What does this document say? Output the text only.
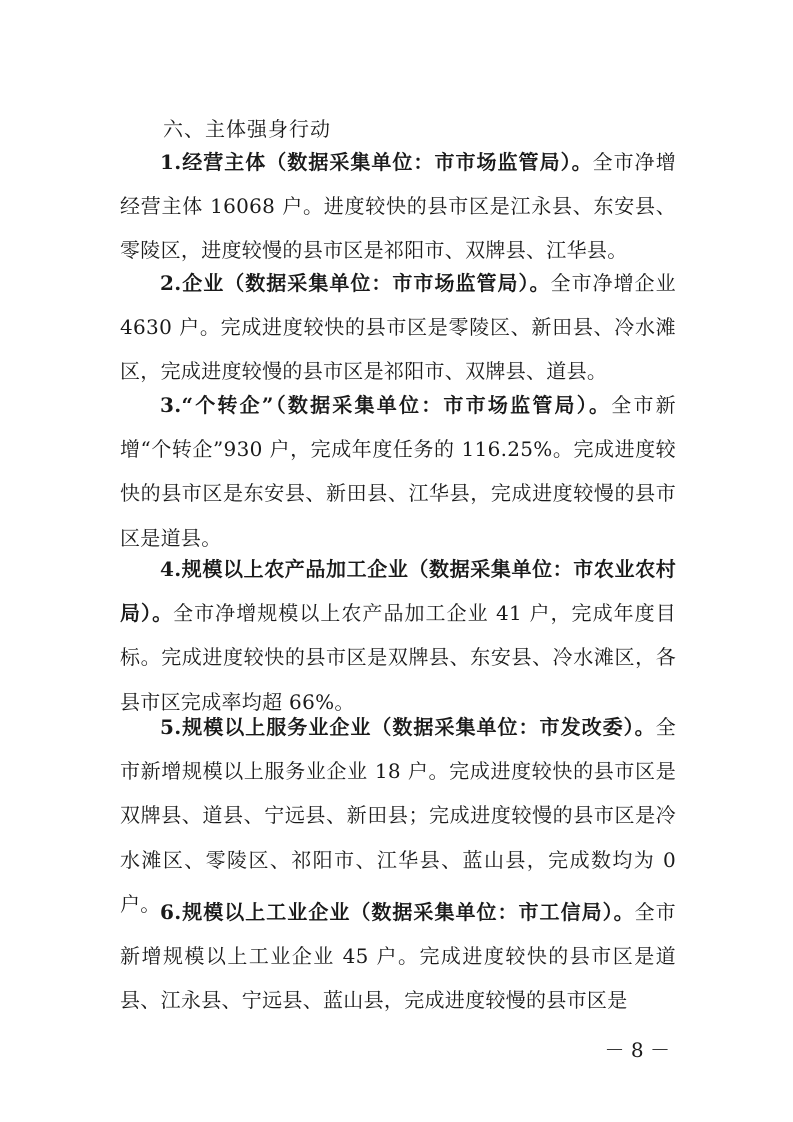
六、主体强身行动

1.经营主体（数据采集单位：市市场监管局）。全市净增经营主体 16068 户。进度较快的县市区是江永县、东安县、零陵区，进度较慢的县市区是祁阳市、双牌县、江华县。

2.企业（数据采集单位：市市场监管局）。全市净增企业 4630 户。完成进度较快的县市区是零陵区、新田县、冷水滩区，完成进度较慢的县市区是祁阳市、双牌县、道县。

3.“个转企”（数据采集单位：市市场监管局）。全市新增“个转企”930 户，完成年度任务的 116.25%。完成进度较快的县市区是东安县、新田县、江华县，完成进度较慢的县市区是道县。

4.规模以上农产品加工企业（数据采集单位：市农业农村局）。全市净增规模以上农产品加工企业 41 户，完成年度目标。完成进度较快的县市区是双牌县、东安县、冷水滩区，各县市区完成率均超 66%。

5.规模以上服务业企业（数据采集单位：市发改委）。全市新增规模以上服务业企业 18 户。完成进度较快的县市区是双牌县、道县、宁远县、新田县；完成进度较慢的县市区是冷水滩区、零陵区、祁阳市、江华县、蓝山县，完成数均为 0 户。 6.规模以上工业企业（数据采集单位：市工信局）。全市新增规模以上工业企业 45 户。完成进度较快的县市区是道县、江永县、宁远县、蓝山县，完成进度较慢的县市区是

－ 8 －
